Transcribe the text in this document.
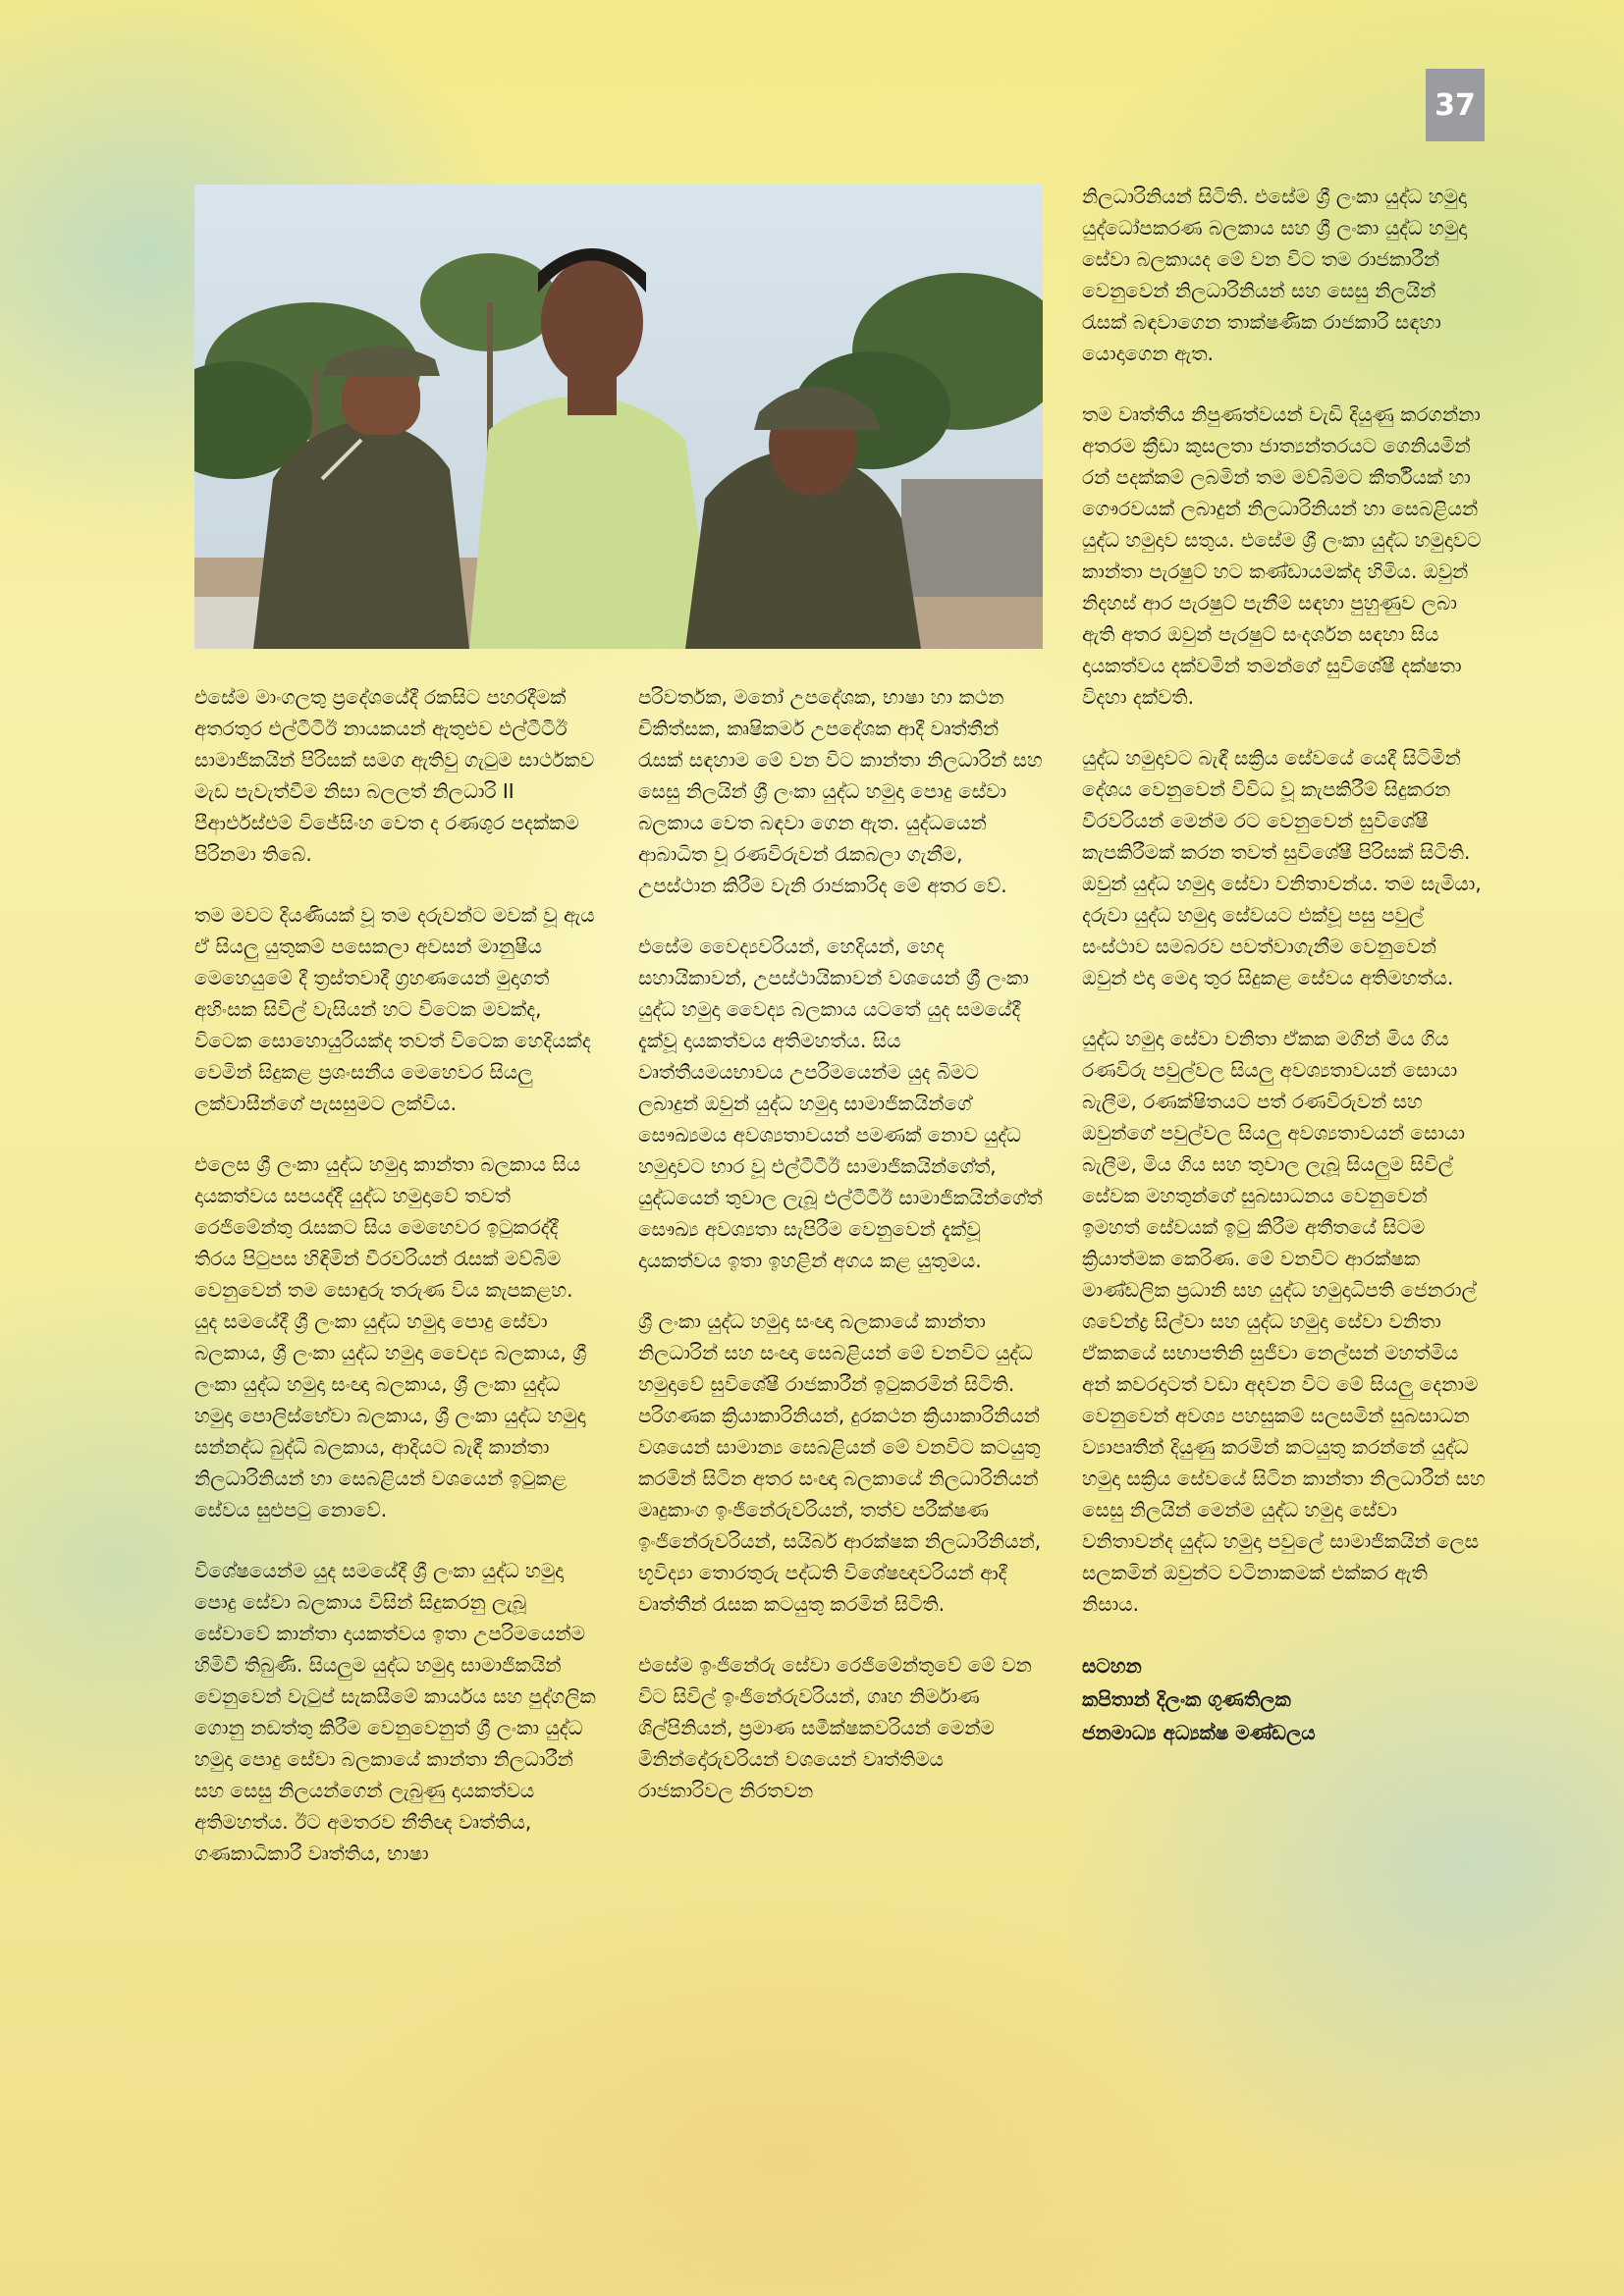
37

එසේම මාංගලතු ප්‍රදේශයේදී රකසිට පහරදීමක් අතරතුර එල්ටීටීඊ නායකයන් ඇතුළුව එල්ටීටීඊ සාමාජිකයින් පිරිසක් සමග ඇතිවු ගැටුම සාර්ථකව මැඩ පැවැත්වීම නිසා බලලත් නිලධාරි II පීආර්එස්එම් විජේසිංහ වෙත ද රණශුර පදක්කම පිරිනමා තිබේ.

තම මවට දියණියක් වූ තම දරුවන්ට මවක් වූ ඇය ඒ සියලු යුතුකම් පසෙකලා අවසන් මානුෂීය මෙහෙයුමේ දී ත්‍රස්තවාදී ග්‍රහණයෙන් මුදාගත් අහිංසක සිවිල් වැසියන් හට විටෙක මවක්ද, විටෙක සොහොයුරියක්ද තවත් විටෙක හෙදියක්ද වෙමින් සිදුකළ ප්‍රශංසනීය මෙහෙවර සියලු ලක්වාසීන්ගේ පැසසුමට ලක්විය.

එලෙස ශ්‍රී ලංකා යුද්ධ හමුදා කාන්තා බලකාය සිය දායකත්වය සපයද්දී යුද්ධ හමුදාවේ තවත් රෙජිමේන්තු රැසකට සිය මෙහෙවර ඉටුකරද්දී තිරය පිටුපස හිඳිමින් වීරවරියන් රැසක් මව්බිම වෙනුවෙන් තම සොඳුරු තරුණ විය කැපකළහ. යුද සමයේදී ශ්‍රී ලංකා යුද්ධ හමුදා පොදු සේවා බලකාය, ශ්‍රී ලංකා යුද්ධ හමුදා වෛද්‍ය බලකාය, ශ්‍රී ලංකා යුද්ධ හමුදා සංඥා බලකාය, ශ්‍රී ලංකා යුද්ධ හමුදා පොලිස්භේවා බලකාය, ශ්‍රී ලංකා යුද්ධ හමුදා සන්නද්ධ බුද්ධි බලකාය, ආදියට බැඳී කාන්තා නිලධාරිනියන් හා සෙබළියන් වශයෙන් ඉටුකළ සේවය සුළුපටු නොවේ.

විශේෂයෙන්ම යුද සමයේදී ශ්‍රී ලංකා යුද්ධ හමුදා පොදු සේවා බලකාය විසින් සිදුකරනු ලැබූ සේවාවේ කාන්තා දායකත්වය ඉතා උපරිමයෙන්ම හිමිවී තිබුණි. සියලුම යුද්ධ හමුදා සාමාජිකයින් වෙනුවෙන් වැටුප් සැකසීමේ කාර්යය සහ පුද්ගලික ගොනු නඩත්තු කිරීම වෙනුවෙනුත් ශ්‍රී ලංකා යුද්ධ හමුදා පොදු සේවා බලකායේ කාන්තා නිලධාරීන් සහ සෙසු නිලයන්ගෙන් ලැබුණු දායකත්වය අතිමහත්ය. ඊට අමතරව නීතිඥ වෘත්තිය, ගණකාධිකාරී වෘත්තිය, භාෂා

පරිවර්තක, මනෝ උපදේශක, භාෂා හා කථන චිකිත්සක, කෘෂිකර්ම උපදේශක ආදී වෘත්තීන් රැසක් සඳහාම මේ වන විට කාන්තා නිලධාරින් සහ සෙසු නිලයින් ශ්‍රී ලංකා යුද්ධ හමුදා පොදු සේවා බලකාය වෙත බඳවා ගෙන ඇත. යුද්ධයෙන් ආබාධිත වූ රණවිරුවන් රැකබලා ගැනීම, උපස්ථාන කිරීම වැනි රාජකාරිද මේ අතර වේ.

එසේම වෛද්‍යවරියන්, හෙදියන්, හෙද සහායිකාවන්, උපස්ථායිකාවන් වශයෙන් ශ්‍රී ලංකා යුද්ධ හමුදා වෛද්‍ය බලකාය යටතේ යුද සමයේදී දැක්වූ දායකත්වය අතිමහත්ය. සිය වෘත්තීයමයභාවය උපරිමයෙන්ම යුද බිමට ලබාදුන් ඔවුන් යුද්ධ හමුදා සාමාජිකයින්ගේ සෞඛ්‍යමය අවශ්‍යතාවයන් පමණක් නොව යුද්ධ හමුදාවට භාර වූ එල්ටීටීඊ සාමාජිකයින්ගේත්, යුද්ධයෙන් තුවාල ලැබූ එල්ටීටීඊ සාමාජිකයින්ගේත් සෞඛ්‍ය අවශ්‍යතා සැපිරීම වෙනුවෙන් දැක්වූ දායකත්වය ඉතා ඉහළින් අගය කළ යුතුමය.

ශ්‍රී ලංකා යුද්ධ හමුදා සංඥා බලකායේ කාන්තා නිලධාරින් සහ සංඥා සෙබළියන් මේ වනවිට යුද්ධ හමුදාවේ සුවිශේෂී රාජකාරීන් ඉටුකරමින් සිටිති. පරිගණක ක්‍රියාකාරිනියන්, දුරකථන ක්‍රියාකාරිනියන් වශයෙන් සාමාන්‍ය සෙබළියන් මේ වනවිට කටයුතු කරමින් සිටින අතර සංඥා බලකායේ නිලධාරිනියන් මෘදුකාංග ඉංජිනේරුවරියන්, තත්ව පරීක්ෂණ ඉංජිනේරුවරියන්, සයිබර් ආරක්ෂක නිලධාරිනියන්, භූවිද්‍යා තොරතුරු පද්ධති විශේෂඥවරියන් ආදී වෘත්තීන් රැසක කටයුතු කරමින් සිටිති.

එසේම ඉංජිනේරු සේවා රෙජිමේන්තුවේ මේ වන විට සිවිල් ඉංජිනේරුවරියන්, ගෘහ නිර්මාණ ශිල්පිනියන්, ප්‍රමාණ සමීක්ෂකවරියන් මෙන්ම මිනින්දෝරුවරියන් වශයෙන් වෘත්තිමය රාජකාරිවල නිරතවන

නිලධාරිනියන් සිටිති. එසේම ශ්‍රී ලංකා යුද්ධ හමුදා යුද්ධෝපකරණ බලකාය සහ ශ්‍රී ලංකා යුද්ධ හමුදා සේවා බලකායද මේ වන විට තම රාජකාරීන් වෙනුවෙන් නිලධාරිනියන් සහ සෙසු නිලයින් රැසක් බඳවාගෙන තාක්ෂණික රාජකාරි සඳහා යොදාගෙන ඇත.

තම වෘත්තීය නිපුණත්වයන් වැඩි දියුණු කරගන්නා අතරම ක්‍රීඩා කුසලතා ජාත්‍යන්තරයට ගෙනියමින් රන් පදක්කම් ලබමින් තම මව්බිමට කීර්තියක් හා ගෞරවයක් ලබාදුන් නිලධාරිනියන් හා සෙබළියන් යුද්ධ හමුදාව සතුය. එසේම ශ්‍රී ලංකා යුද්ධ හමුදාවට කාන්තා පැරෂුට් හට කණ්ඩායමක්ද හිමිය. ඔවුන් නිදහස් ආර පැරෂුට් පැනීම් සඳහා පුහුණුව ලබා ඇති අතර ඔවුන් පැරෂුට් සංදර්ශන සඳහා සිය දායකත්වය දක්වමින් තමන්ගේ සුවිශේෂී දක්ෂතා විදහා දක්වති.

යුද්ධ හමුදාවට බැඳී සක්‍රිය සේවයේ යෙදී සිටිමින් දේශය වෙනුවෙන් විවිධ වූ කැපකිරීම් සිදුකරන වීරවරියන් මෙන්ම රට වෙනුවෙන් සුවිශේෂී කැපකිරීමක් කරන තවත් සුවිශේෂී පිරිසක් සිටිති. ඔවුන් යුද්ධ හමුදා සේවා වනිතාවන්ය. තම සැමියා, දරුවා යුද්ධ හමුදා සේවයට එක්වූ පසු පවුල් සංස්ථාව සමබරව පවත්වාගැනීම වෙනුවෙන් ඔවුන් එදා මෙදා තුර සිදුකළ සේවය අතිමහත්ය.

යුද්ධ හමුදා සේවා වනිතා ඒකක මගින් මිය ගිය රණවිරු පවුල්වල සියලු අවශ්‍යතාවයන් සොයා බැලීම, රණක්ෂිතයට පත් රණවිරුවන් සහ ඔවුන්ගේ පවුල්වල සියලු අවශ්‍යතාවයන් සොයා බැලීම, මිය ගිය සහ තුවාල ලැබූ සියලුම සිවිල් සේවක මහතුන්ගේ සුබසාධනය වෙනුවෙන් ඉමහත් සේවයක් ඉටු කිරීම අතීතයේ සිටම ක්‍රියාත්මක කෙරිණ. මේ වනවිට ආරක්ෂක මාණ්ඩලික ප්‍රධානි සහ යුද්ධ හමුදාධිපති ජෙනරාල් ශවේන්ද්‍ර සිල්වා සහ යුද්ධ හමුදා සේවා වනිතා ඒකකයේ සභාපතිනි සුජීවා නෙල්සන් මහත්මිය අන් කවරදාටත් වඩා අදවන විට මේ සියලු දෙනාම වෙනුවෙන් අවශ්‍ය පහසුකම් සලසමින් සුබසාධන ව්‍යාපෘතීන් දියුණු කරමින් කටයුතු කරන්නේ යුද්ධ හමුදා සක්‍රිය සේවයේ සිටින කාන්තා නිලධාරීන් සහ සෙසු නිලයින් මෙන්ම යුද්ධ හමුදා සේවා වනිතාවන්ද යුද්ධ හමුදා පවුලේ සාමාජිකයින් ලෙස සලකමින් ඔවුන්ට වටිනාකමක් එක්කර ඇති නිසාය.

සටහන
කපිතාන් දිලංක ගුණතිලක
ජනමාධ්‍ය අධ්‍යක්ෂ මණ්ඩලය
